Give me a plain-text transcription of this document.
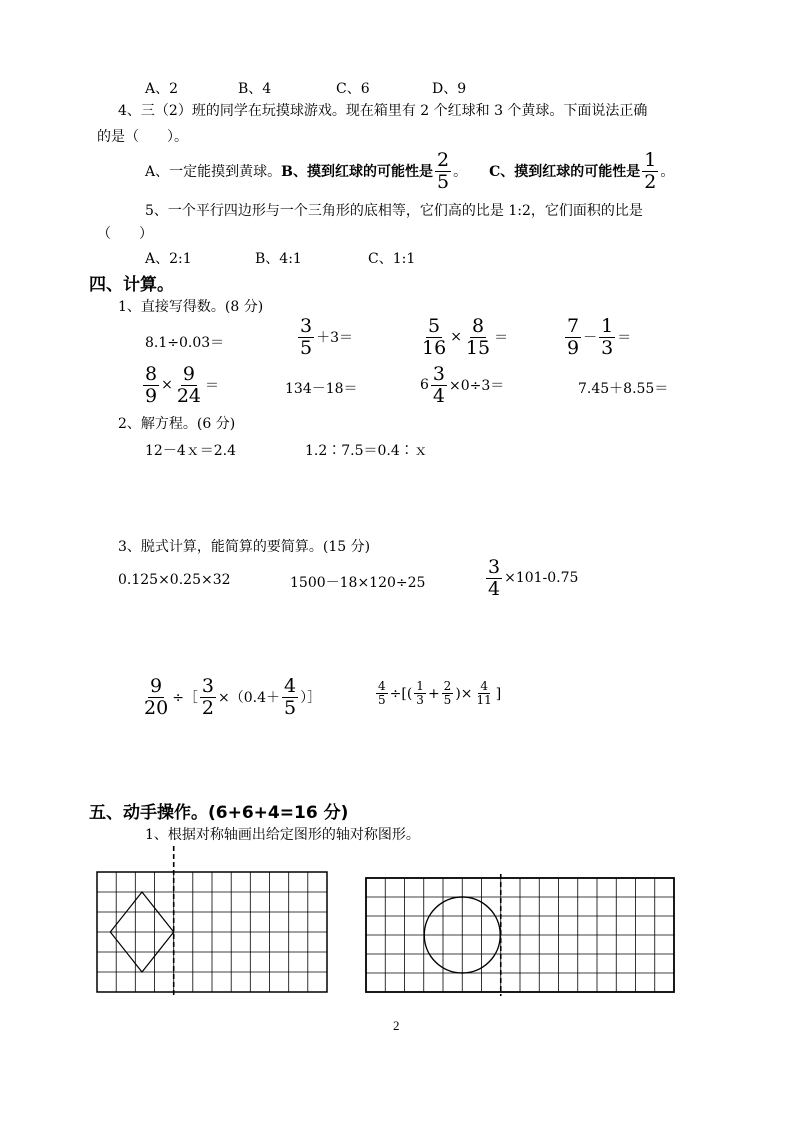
A、2	B、4	C、6	D、9
4、三（2）班的同学在玩摸球游戏。现在箱里有 2 个红球和 3 个黄球。下面说法正确
的是（　　）。
A、一定能摸到黄球。 B、摸到红球的可能性是 $\frac{2}{5}$ 。 C、摸到红球的可能性是 $\frac{1}{2}$ 。
5、一个平行四边形与一个三角形的底相等，它们高的比是 1:2，它们面积的比是
（　　）
A、2:1	B、4:1	C、1:1
四、计算。
1、直接写得数。(8 分)
8.1÷0.03＝	$\frac{3}{5} +3=$	$\frac{5}{16} \times \frac{8}{15}$ ＝	$\frac{7}{9} - \frac{1}{3}$ ＝
$\frac{8}{9} \times \frac{9}{24}$ ＝	134－18＝	$6 \frac{3}{4} \times 0\div 3=$	7.45＋8.55＝
2、解方程。(6 分)
12－4ｘ＝2.4	1.2∶7.5＝0.4∶ｘ
3、脱式计算，能简算的要简算。(15 分)
0.125×0.25×32	1500－18×120÷25	$\frac{3}{4} \times 101-0.75$
$\frac{9}{20}$ ÷［ $\frac{3}{2} \times(0.4+ \frac{4}{5}$ ）］	$\frac{4}{5}$ ÷[( $\frac{1}{3} + \frac{2}{5}$ )× $\frac{4}{11}$ ]
五、动手操作。(6+6+4=16 分)
1、根据对称轴画出给定图形的轴对称图形。
2
